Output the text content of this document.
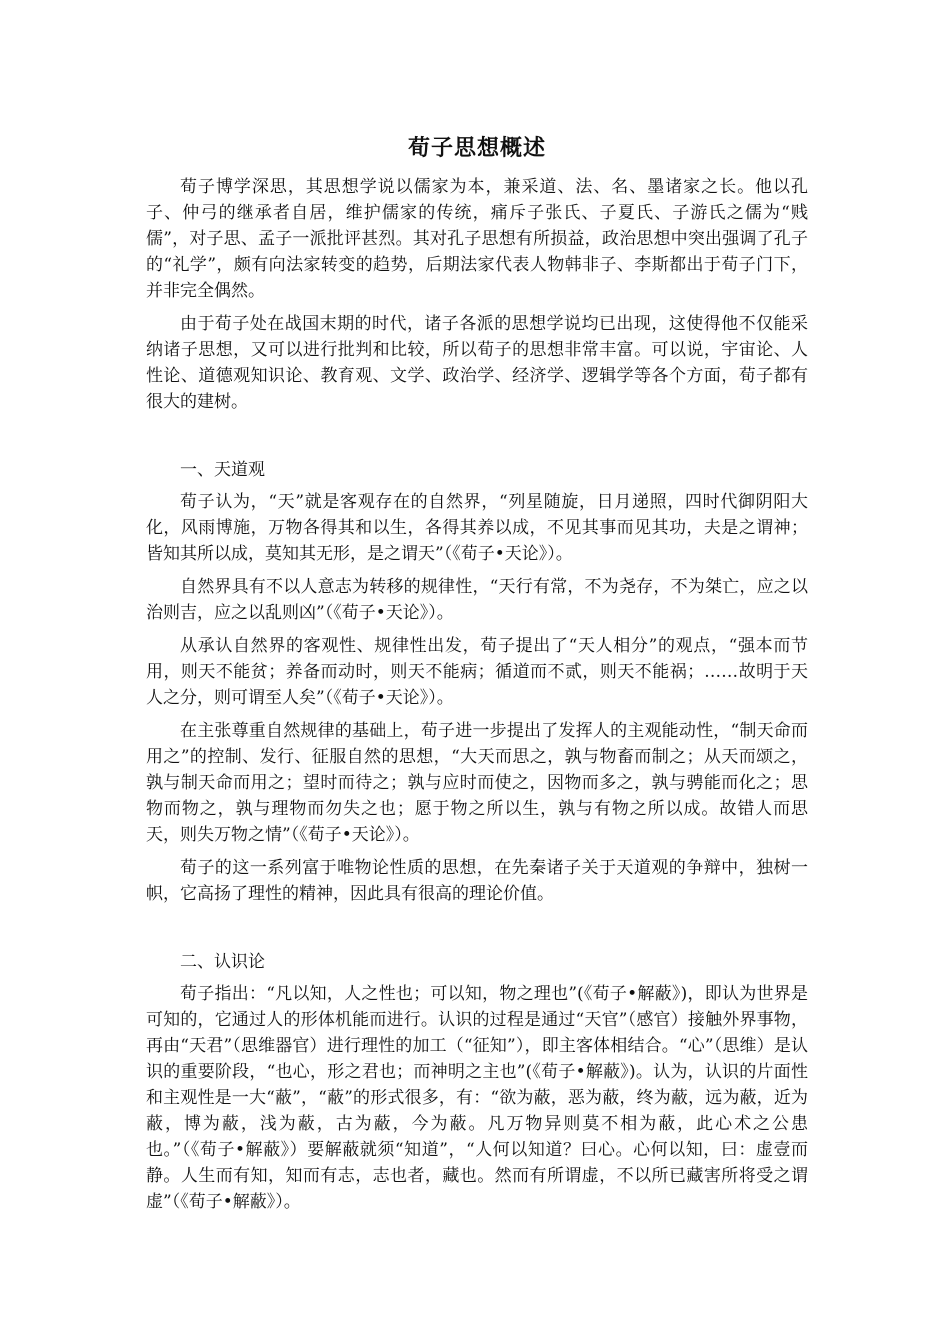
荀子思想概述

荀子博学深思，其思想学说以儒家为本，兼采道、法、名、墨诸家之长。他以孔子、仲弓的继承者自居，维护儒家的传统，痛斥子张氏、子夏氏、子游氏之儒为“贱儒”，对子思、孟子一派批评甚烈。其对孔子思想有所损益，政治思想中突出强调了孔子的“礼学”，颇有向法家转变的趋势，后期法家代表人物韩非子、李斯都出于荀子门下，并非完全偶然。

由于荀子处在战国末期的时代，诸子各派的思想学说均已出现，这使得他不仅能采纳诸子思想，又可以进行批判和比较，所以荀子的思想非常丰富。可以说，宇宙论、人性论、道德观知识论、教育观、文学、政治学、经济学、逻辑学等各个方面，荀子都有很大的建树。

一、天道观

荀子认为，“天”就是客观存在的自然界，“列星随旋，日月递照，四时代御阴阳大化，风雨博施，万物各得其和以生，各得其养以成，不见其事而见其功，夫是之谓神；皆知其所以成，莫知其无形，是之谓天”（《荀子•天论》）。

自然界具有不以人意志为转移的规律性，“天行有常，不为尧存，不为桀亡，应之以治则吉，应之以乱则凶”（《荀子•天论》）。

从承认自然界的客观性、规律性出发，荀子提出了“天人相分”的观点，“强本而节用，则天不能贫；养备而动时，则天不能病；循道而不贰，则天不能祸；……故明于天人之分，则可谓至人矣”（《荀子•天论》）。

在主张尊重自然规律的基础上，荀子进一步提出了发挥人的主观能动性，“制天命而用之”的控制、发行、征服自然的思想，“大天而思之，孰与物畜而制之；从天而颂之，孰与制天命而用之；望时而待之；孰与应时而使之，因物而多之，孰与骋能而化之；思物而物之，孰与理物而勿失之也；愿于物之所以生，孰与有物之所以成。故错人而思天，则失万物之情”（《荀子•天论》）。

荀子的这一系列富于唯物论性质的思想，在先秦诸子关于天道观的争辩中，独树一帜，它高扬了理性的精神，因此具有很高的理论价值。

二、认识论

荀子指出：“凡以知，人之性也；可以知，物之理也”(《荀子•解蔽》)，即认为世界是可知的，它通过人的形体机能而进行。认识的过程是通过“天官”（感官）接触外界事物，再由“天君”（思维器官）进行理性的加工（“征知”），即主客体相结合。“心”（思维）是认识的重要阶段，“也心，形之君也；而神明之主也”(《荀子•解蔽》)。认为，认识的片面性和主观性是一大“蔽”，“蔽”的形式很多，有：“欲为蔽，恶为蔽，终为蔽，远为蔽，近为蔽，博为蔽，浅为蔽，古为蔽，今为蔽。凡万物异则莫不相为蔽，此心术之公患也。”（《荀子•解蔽》）要解蔽就须“知道”，“人何以知道？曰心。心何以知，曰：虚壹而静。人生而有知，知而有志，志也者，藏也。然而有所谓虚，不以所已藏害所将受之谓虚”（《荀子•解蔽》）。
